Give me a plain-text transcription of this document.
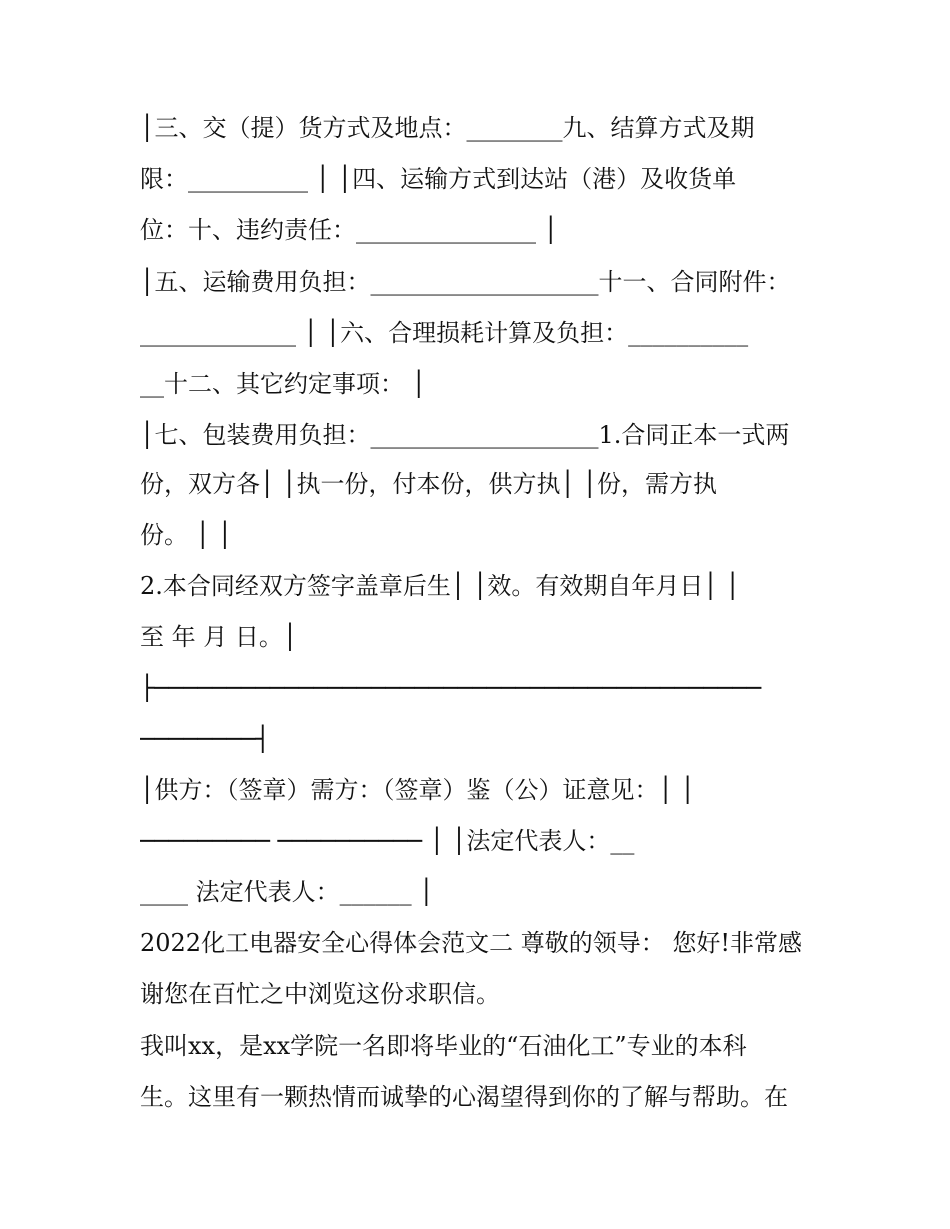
│三、交（提）货方式及地点：________九、结算方式及期
限：__________ │ │四、运输方式到达站（港）及收货单
位：十、违约责任：_______________ │
│五、运输费用负担：___________________十一、合同附件：
_____________ │ │六、合理损耗计算及负担：__________
__十二、其它约定事项： │
│七、包装费用负担：___________________1.合同正本一式两
份，双方各│ │执一份，付本份，供方执│ │份，需方执
份。 │ │
2.本合同经双方签字盖章后生│ │效。有效期自年月日│ │
至 年 月 日。│
├──────────────────────────────────────────
────────┤
│供方：（签章）需方：（签章）鉴（公）证意见：│ │
───────── ────────── │ │法定代表人：__
____ 法定代表人：______ │
2022化工电器安全心得体会范文二 尊敬的领导： 您好!非常感
谢您在百忙之中浏览这份求职信。
我叫xx，是xx学院一名即将毕业的“石油化工”专业的本科
生。这里有一颗热情而诚挚的心渴望得到你的了解与帮助。在
